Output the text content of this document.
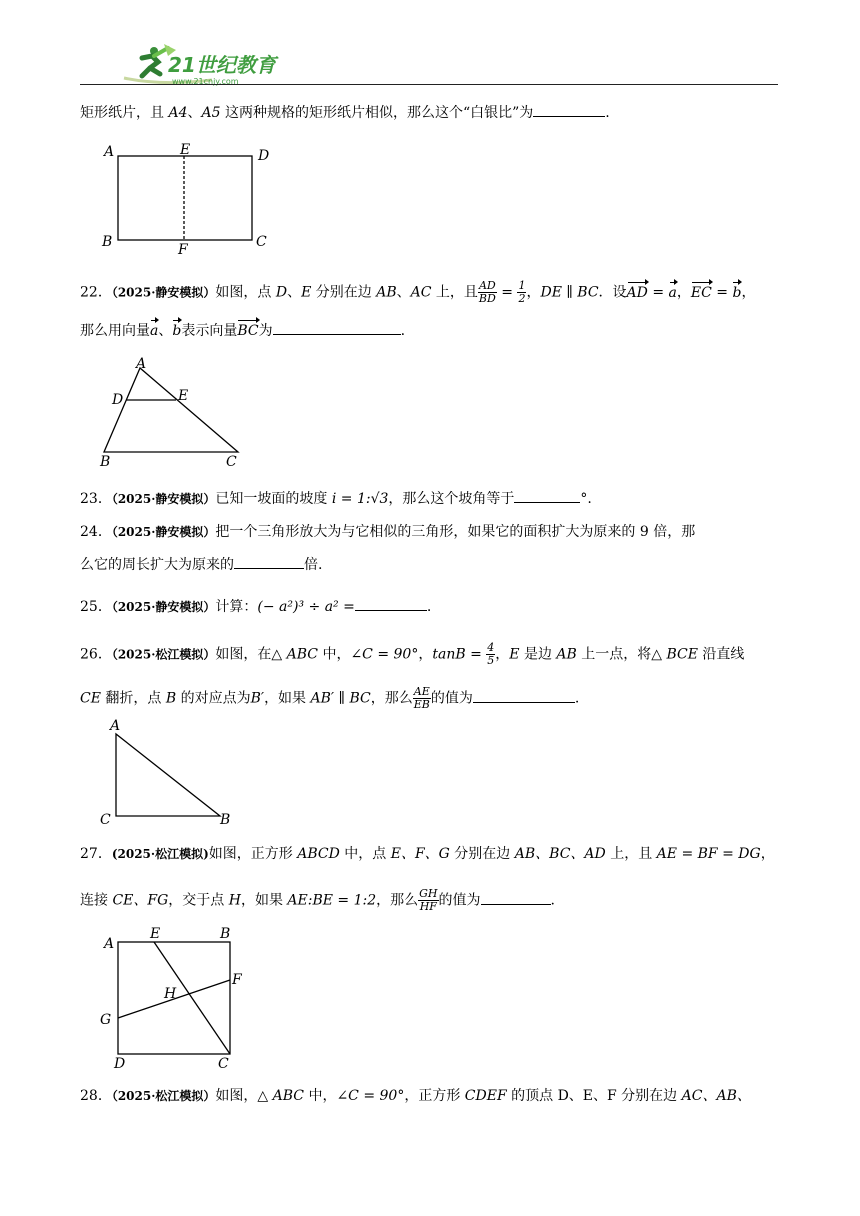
21世纪教育
www.21cnjy.com
矩形纸片，且 A4、A5 这两种规格的矩形纸片相似，那么这个“白银比”为	.
A	E	D
B	F	C
22．（2025·静安模拟）如图，点 D、E 分别在边 AB、AC 上，且 $\frac{AD}{BD} = \frac{1}{2}$ ，DE ∥ BC．设AD = a，EC = b，
那么用向量a、b表示向量BC为	.
A
D	E
B	C
23．（2025·静安模拟）已知一坡面的坡度 i = 1:√3，那么这个坡角等于	°.
24．（2025·静安模拟）把一个三角形放大为与它相似的三角形，如果它的面积扩大为原来的 9 倍，那
么它的周长扩大为原来的	倍.
25．（2025·静安模拟）计算：(− a²)³ ÷ a² =	.
26．（2025·松江模拟）如图，在△ ABC 中，∠C = 90°，$\tan B = \frac{4}{5}$ ，E 是边 AB 上一点，将△ BCE 沿直线
CE 翻折，点 B 的对应点为B′，如果 AB′ ∥ BC，那么 $\frac{AE}{EB}$ 的值为	.
A
C	B
27．(2025·松江模拟)如图，正方形 ABCD 中，点 E、F、G 分别在边 AB、BC、AD 上，且 AE = BF = DG，
连接 CE、FG，交于点 H，如果 AE:BE = 1:2，那么 $\frac{GH}{HF}$ 的值为	.
A
E	B
F
H
G
D	C
28．（2025·松江模拟）如图，△ ABC 中，∠C = 90°，正方形 CDEF 的顶点 D、E、F 分别在边 AC、AB、
